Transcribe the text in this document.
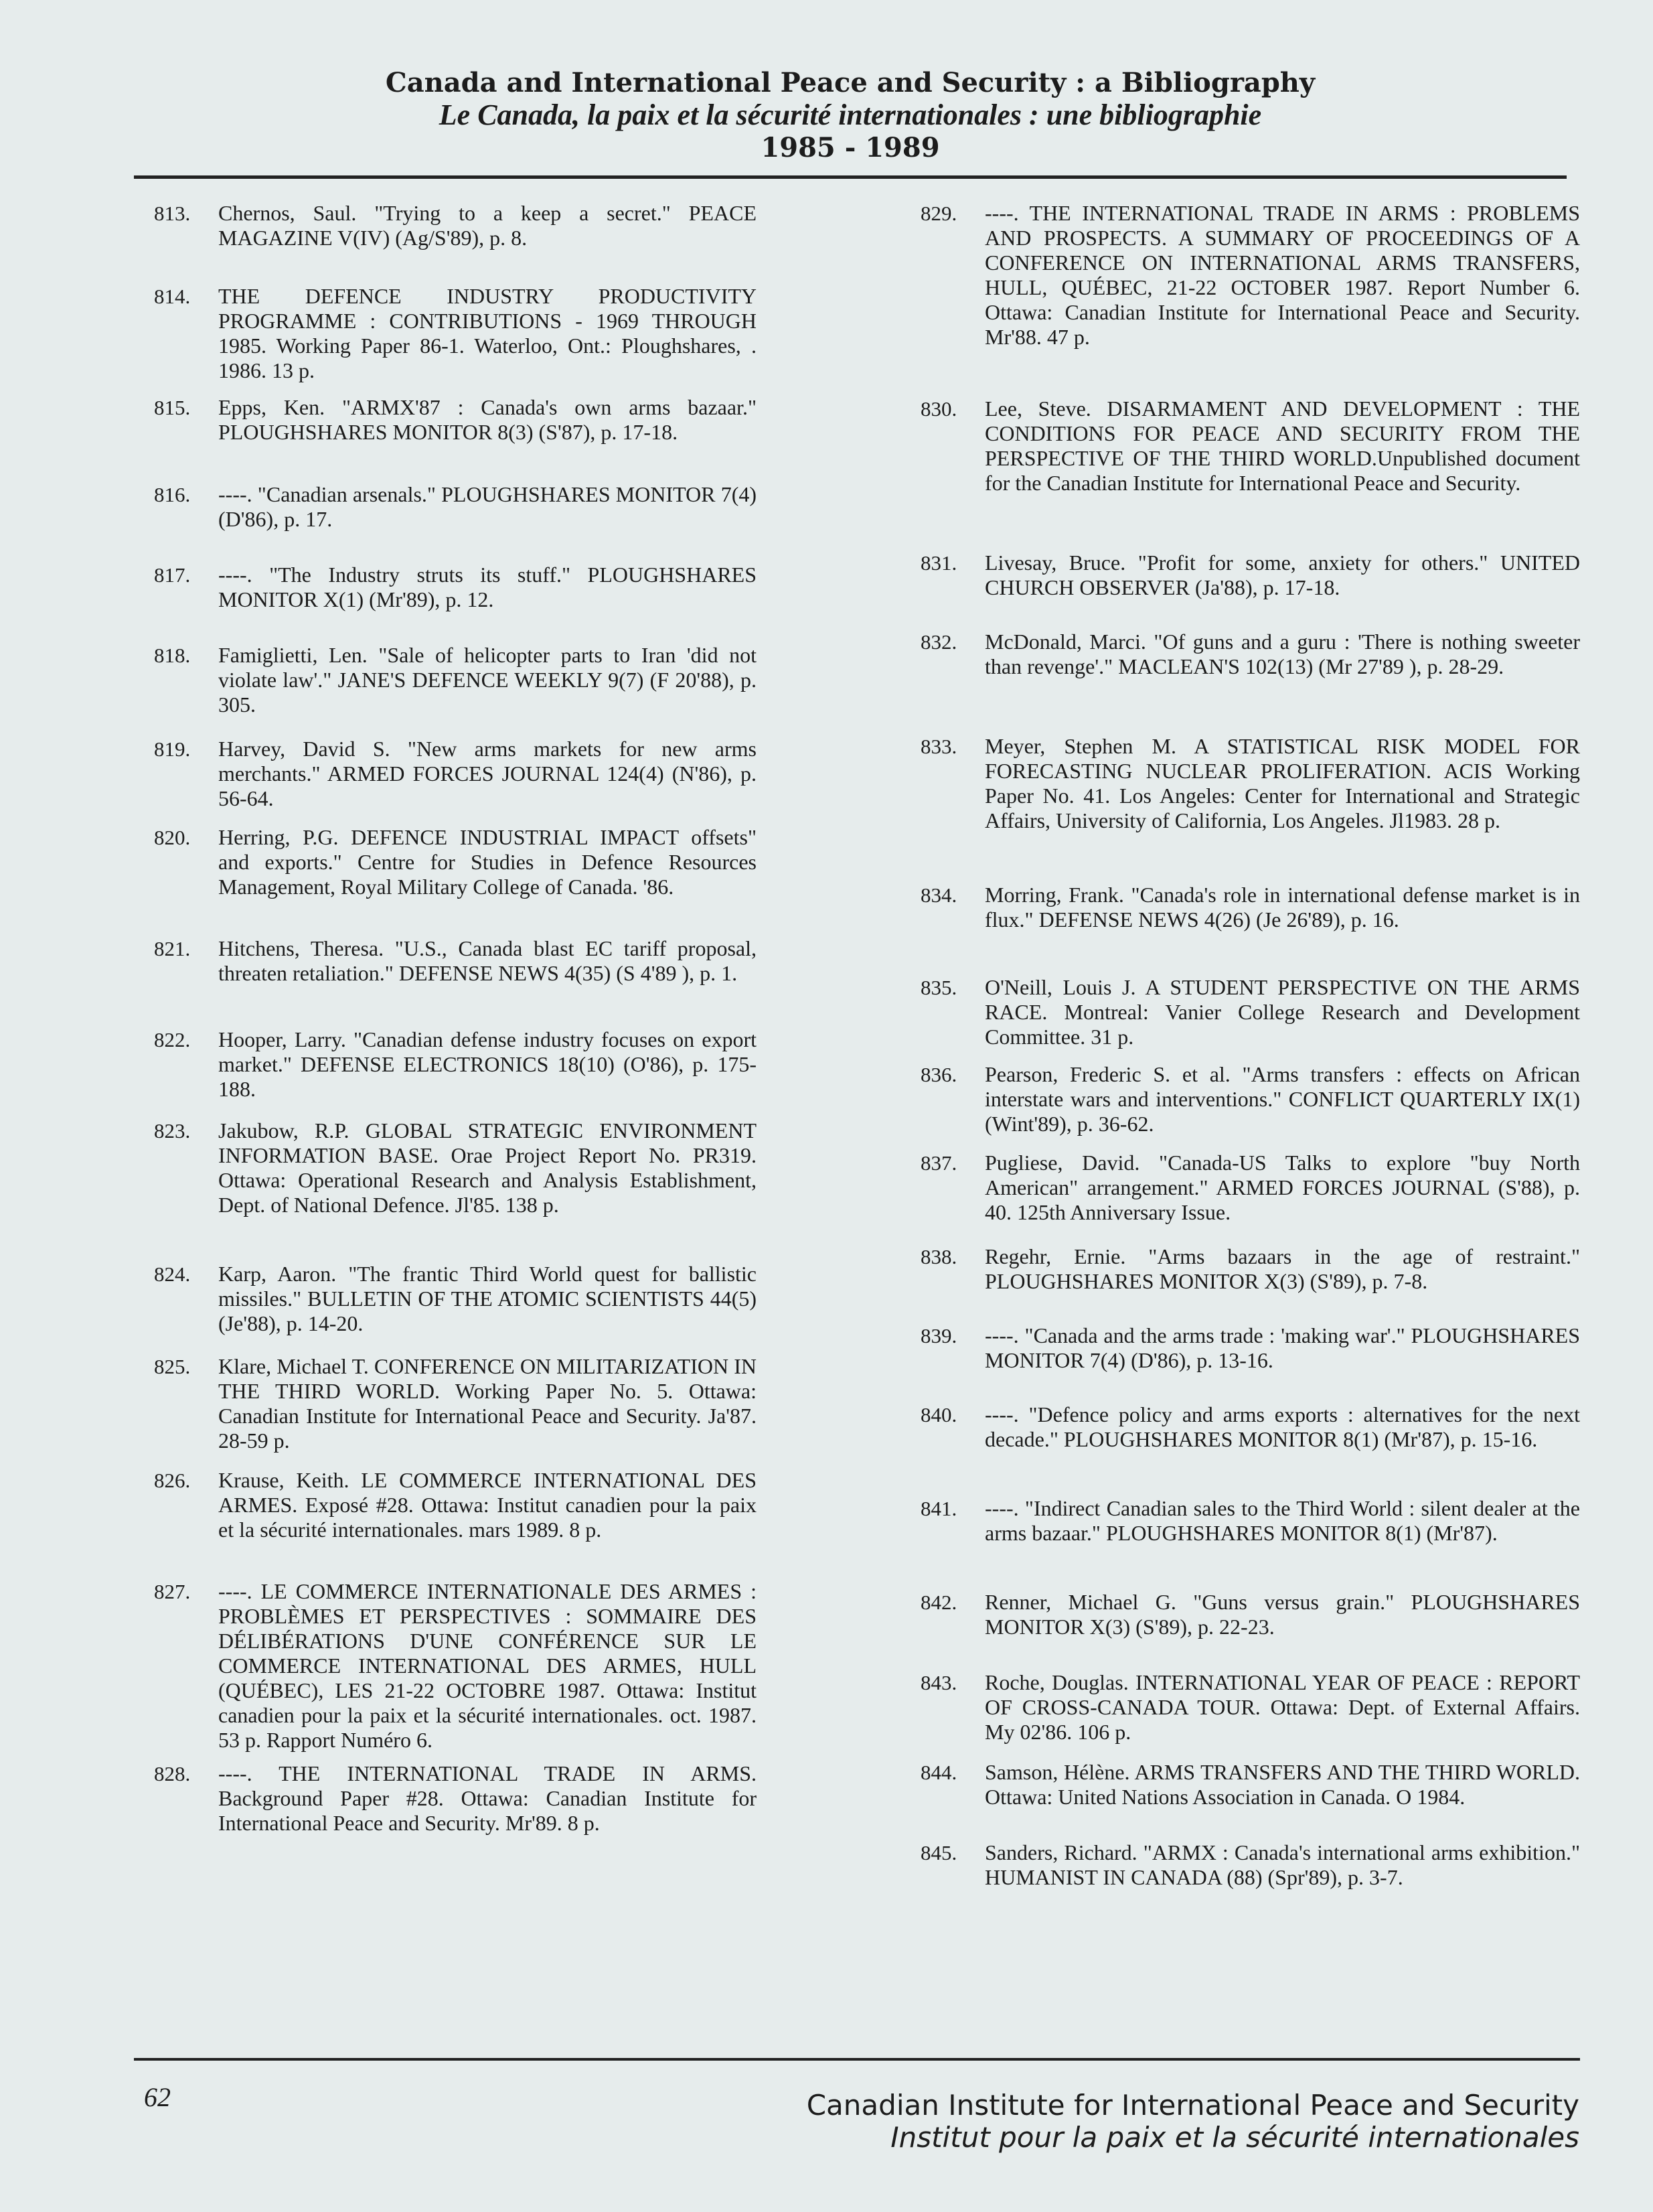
Canada and International Peace and Security : a Bibliography
Le Canada, la paix et la sécurité internationales : une bibliographie
1985 - 1989
813. Chernos, Saul. "Trying to a keep a secret." PEACE MAGAZINE V(IV) (Ag/S'89), p. 8.
814. THE DEFENCE INDUSTRY PRODUCTIVITY PROGRAMME : CONTRIBUTIONS - 1969 THROUGH 1985. Working Paper 86-1. Waterloo, Ont.: Ploughshares, . 1986. 13 p.
815. Epps, Ken. "ARMX'87 : Canada's own arms bazaar." PLOUGHSHARES MONITOR 8(3) (S'87), p. 17-18.
816. ----. "Canadian arsenals." PLOUGHSHARES MONITOR 7(4) (D'86), p. 17.
817. ----. "The Industry struts its stuff." PLOUGHSHARES MONITOR X(1) (Mr'89), p. 12.
818. Famiglietti, Len. "Sale of helicopter parts to Iran 'did not violate law'." JANE'S DEFENCE WEEKLY 9(7) (F 20'88), p. 305.
819. Harvey, David S. "New arms markets for new arms merchants." ARMED FORCES JOURNAL 124(4) (N'86), p. 56-64.
820. Herring, P.G. DEFENCE INDUSTRIAL IMPACT offsets" and exports." Centre for Studies in Defence Resources Management, Royal Military College of Canada. '86.
821. Hitchens, Theresa. "U.S., Canada blast EC tariff proposal, threaten retaliation." DEFENSE NEWS 4(35) (S 4'89 ), p. 1.
822. Hooper, Larry. "Canadian defense industry focuses on export market." DEFENSE ELECTRONICS 18(10) (O'86), p. 175-188.
823. Jakubow, R.P. GLOBAL STRATEGIC ENVIRONMENT INFORMATION BASE. Orae Project Report No. PR319. Ottawa: Operational Research and Analysis Establishment, Dept. of National Defence. Jl'85. 138 p.
824. Karp, Aaron. "The frantic Third World quest for ballistic missiles." BULLETIN OF THE ATOMIC SCIENTISTS 44(5) (Je'88), p. 14-20.
825. Klare, Michael T. CONFERENCE ON MILITARIZATION IN THE THIRD WORLD. Working Paper No. 5. Ottawa: Canadian Institute for International Peace and Security. Ja'87. 28-59 p.
826. Krause, Keith. LE COMMERCE INTERNATIONAL DES ARMES. Exposé #28. Ottawa: Institut canadien pour la paix et la sécurité internationales. mars 1989. 8 p.
827. ----. LE COMMERCE INTERNATIONALE DES ARMES : PROBLÈMES ET PERSPECTIVES : SOMMAIRE DES DÉLIBÉRATIONS D'UNE CONFÉRENCE SUR LE COMMERCE INTERNATIONAL DES ARMES, HULL (QUÉBEC), LES 21-22 OCTOBRE 1987. Ottawa: Institut canadien pour la paix et la sécurité internationales. oct. 1987. 53 p. Rapport Numéro 6.
828. ----. THE INTERNATIONAL TRADE IN ARMS. Background Paper #28. Ottawa: Canadian Institute for International Peace and Security. Mr'89. 8 p.
829. ----. THE INTERNATIONAL TRADE IN ARMS : PROBLEMS AND PROSPECTS. A SUMMARY OF PROCEEDINGS OF A CONFERENCE ON INTERNATIONAL ARMS TRANSFERS, HULL, QUÉBEC, 21-22 OCTOBER 1987. Report Number 6. Ottawa: Canadian Institute for International Peace and Security. Mr'88. 47 p.
830. Lee, Steve. DISARMAMENT AND DEVELOPMENT : THE CONDITIONS FOR PEACE AND SECURITY FROM THE PERSPECTIVE OF THE THIRD WORLD.Unpublished document for the Canadian Institute for International Peace and Security.
831. Livesay, Bruce. "Profit for some, anxiety for others." UNITED CHURCH OBSERVER (Ja'88), p. 17-18.
832. McDonald, Marci. "Of guns and a guru : 'There is nothing sweeter than revenge'." MACLEAN'S 102(13) (Mr 27'89 ), p. 28-29.
833. Meyer, Stephen M. A STATISTICAL RISK MODEL FOR FORECASTING NUCLEAR PROLIFERATION. ACIS Working Paper No. 41. Los Angeles: Center for International and Strategic Affairs, University of California, Los Angeles. Jl1983. 28 p.
834. Morring, Frank. "Canada's role in international defense market is in flux." DEFENSE NEWS 4(26) (Je 26'89), p. 16.
835. O'Neill, Louis J. A STUDENT PERSPECTIVE ON THE ARMS RACE. Montreal: Vanier College Research and Development Committee. 31 p.
836. Pearson, Frederic S. et al. "Arms transfers : effects on African interstate wars and interventions." CONFLICT QUARTERLY IX(1) (Wint'89), p. 36-62.
837. Pugliese, David. "Canada-US Talks to explore "buy North American" arrangement." ARMED FORCES JOURNAL (S'88), p. 40. 125th Anniversary Issue.
838. Regehr, Ernie. "Arms bazaars in the age of restraint." PLOUGHSHARES MONITOR X(3) (S'89), p. 7-8.
839. ----. "Canada and the arms trade : 'making war'." PLOUGHSHARES MONITOR 7(4) (D'86), p. 13-16.
840. ----. "Defence policy and arms exports : alternatives for the next decade." PLOUGHSHARES MONITOR 8(1) (Mr'87), p. 15-16.
841. ----. "Indirect Canadian sales to the Third World : silent dealer at the arms bazaar." PLOUGHSHARES MONITOR 8(1) (Mr'87).
842. Renner, Michael G. "Guns versus grain." PLOUGHSHARES MONITOR X(3) (S'89), p. 22-23.
843. Roche, Douglas. INTERNATIONAL YEAR OF PEACE : REPORT OF CROSS-CANADA TOUR. Ottawa: Dept. of External Affairs. My 02'86. 106 p.
844. Samson, Hélène. ARMS TRANSFERS AND THE THIRD WORLD. Ottawa: United Nations Association in Canada. O 1984.
845. Sanders, Richard. "ARMX : Canada's international arms exhibition." HUMANIST IN CANADA (88) (Spr'89), p. 3-7.
62	Canadian Institute for International Peace and Security
Institut pour la paix et la sécurité internationales
